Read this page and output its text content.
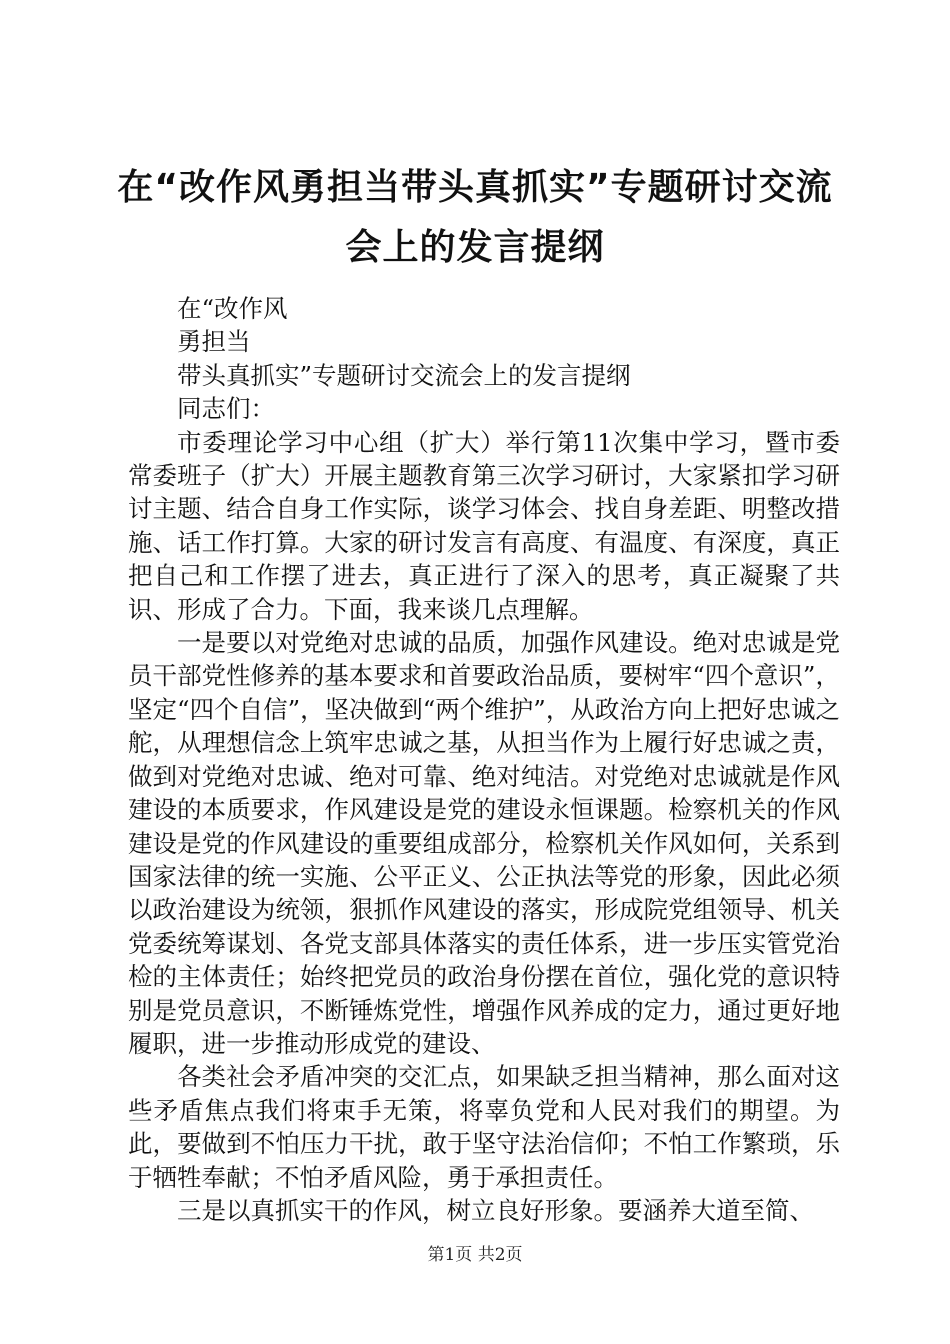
在“改作风勇担当带头真抓实”专题研讨交流
会上的发言提纲

在“改作风

勇担当

带头真抓实”专题研讨交流会上的发言提纲

同志们：

市委理论学习中心组（扩大）举行第11次集中学习，暨市委常委班子（扩大）开展主题教育第三次学习研讨，大家紧扣学习研讨主题、结合自身工作实际，谈学习体会、找自身差距、明整改措施、话工作打算。大家的研讨发言有高度、有温度、有深度，真正把自己和工作摆了进去，真正进行了深入的思考，真正凝聚了共识、形成了合力。下面，我来谈几点理解。

一是要以对党绝对忠诚的品质，加强作风建设。绝对忠诚是党员干部党性修养的基本要求和首要政治品质，要树牢“四个意识”，坚定“四个自信”，坚决做到“两个维护”，从政治方向上把好忠诚之舵，从理想信念上筑牢忠诚之基，从担当作为上履行好忠诚之责，做到对党绝对忠诚、绝对可靠、绝对纯洁。对党绝对忠诚就是作风建设的本质要求，作风建设是党的建设永恒课题。检察机关的作风建设是党的作风建设的重要组成部分，检察机关作风如何，关系到国家法律的统一实施、公平正义、公正执法等党的形象，因此必须以政治建设为统领，狠抓作风建设的落实，形成院党组领导、机关党委统筹谋划、各党支部具体落实的责任体系，进一步压实管党治检的主体责任；始终把党员的政治身份摆在首位，强化党的意识特别是党员意识，不断锤炼党性，增强作风养成的定力，通过更好地履职，进一步推动形成党的建设、

各类社会矛盾冲突的交汇点，如果缺乏担当精神，那么面对这些矛盾焦点我们将束手无策，将辜负党和人民对我们的期望。为此，要做到不怕压力干扰，敢于坚守法治信仰；不怕工作繁琐，乐于牺牲奉献；不怕矛盾风险，勇于承担责任。

三是以真抓实干的作风，树立良好形象。要涵养大道至简、

第1页 共2页
